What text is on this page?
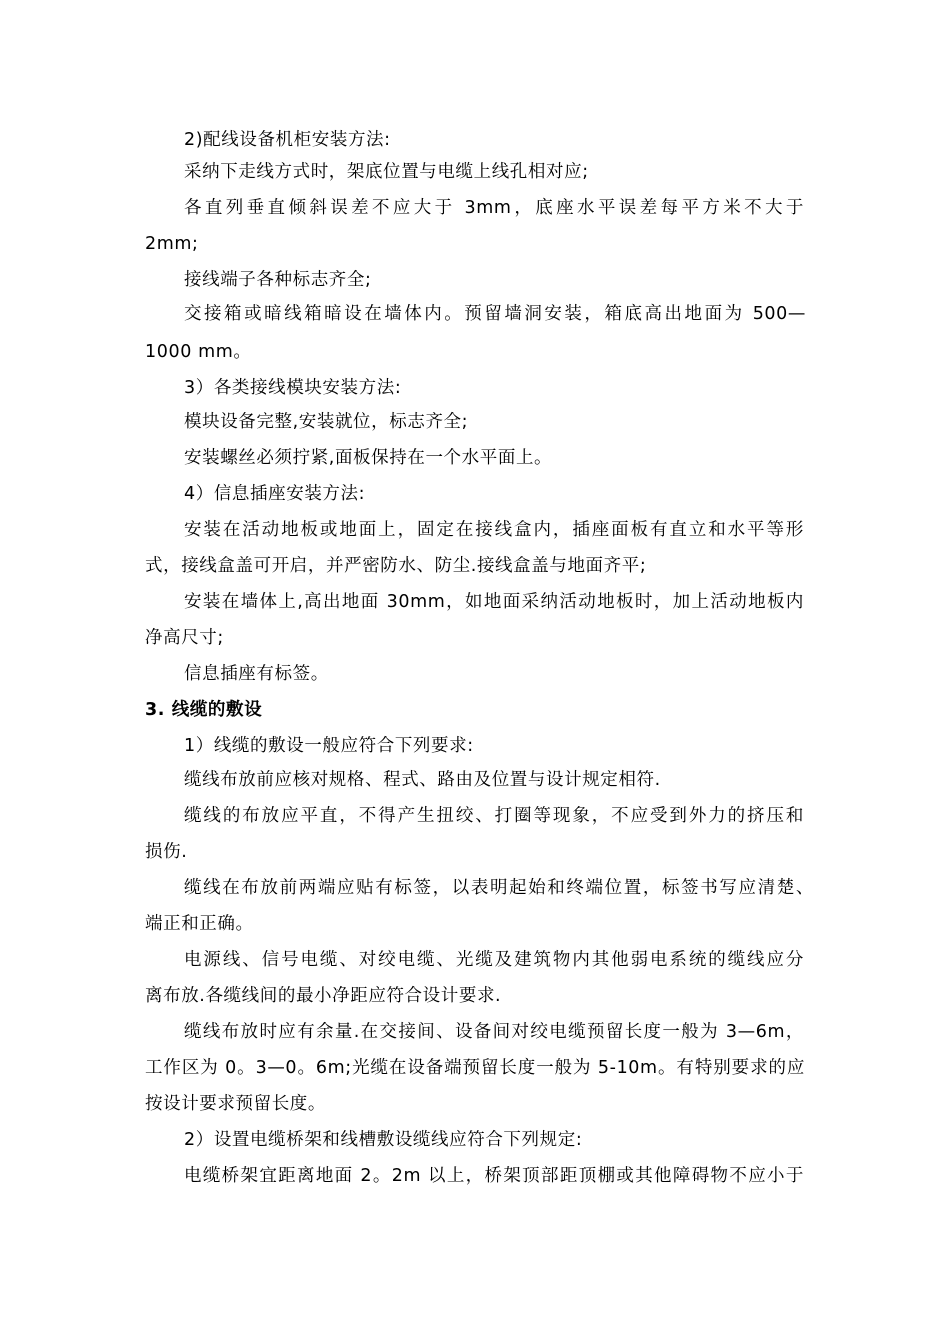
2)配线设备机柜安装方法:
采纳下走线方式时，架底位置与电缆上线孔相对应;
各直列垂直倾斜误差不应大于 3mm，底座水平误差每平方米不大于
2mm;
接线端子各种标志齐全;
交接箱或暗线箱暗设在墙体内。预留墙洞安装，箱底高出地面为 500—
1000 mm。
3）各类接线模块安装方法:
模块设备完整,安装就位，标志齐全;
安装螺丝必须拧紧,面板保持在一个水平面上。
4）信息插座安装方法:
安装在活动地板或地面上，固定在接线盒内，插座面板有直立和水平等形
式，接线盒盖可开启，并严密防水、防尘.接线盒盖与地面齐平;
安装在墙体上,高出地面 30mm，如地面采纳活动地板时，加上活动地板内
净高尺寸;
信息插座有标签。
3. 线缆的敷设
1）线缆的敷设一般应符合下列要求:
缆线布放前应核对规格、程式、路由及位置与设计规定相符.
缆线的布放应平直，不得产生扭绞、打圈等现象，不应受到外力的挤压和
损伤.
缆线在布放前两端应贴有标签，以表明起始和终端位置，标签书写应清楚、
端正和正确。
电源线、信号电缆、对绞电缆、光缆及建筑物内其他弱电系统的缆线应分
离布放.各缆线间的最小净距应符合设计要求.
缆线布放时应有余量.在交接间、设备间对绞电缆预留长度一般为 3—6m，
工作区为 0。3—0。6m;光缆在设备端预留长度一般为 5-10m。有特别要求的应
按设计要求预留长度。
2）设置电缆桥架和线槽敷设缆线应符合下列规定:
电缆桥架宜距离地面 2。2m 以上，桥架顶部距顶棚或其他障碍物不应小于
